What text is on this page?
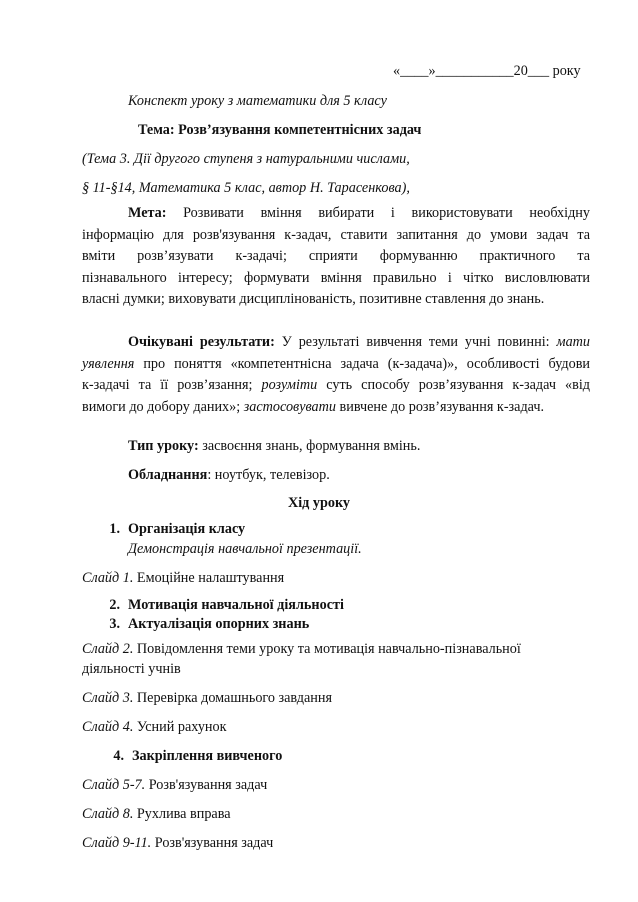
«____»___________20___ року
Конспект уроку з математики для 5 класу
Тема: Розв’язування компетентнісних задач
(Тема 3. Дії другого ступеня з натуральними числами,
§ 11-§14, Математика 5 клас, автор Н. Тарасенкова),
Мета: Розвивати вміння вибирати і використовувати необхідну
інформацію для розв'язування к-задач, ставити запитання до умови задач та
вміти розв’язувати к-задачі; сприяти формуванню практичного та
пізнавального інтересу; формувати вміння правильно і чітко висловлювати
власні думки; виховувати дисциплінованість, позитивне ставлення до знань.
Очікувані результати: У результаті вивчення теми учні повинні: мати
уявлення про поняття «компетентнісна задача (к-задача)», особливості будови
к-задачі та її розв’язання; розуміти суть способу розв’язування к-задач «від
вимоги до добору даних»; застосовувати вивчене до розв’язування к-задач.
Тип уроку: засвоєння знань, формування вмінь.
Обладнання: ноутбук, телевізор.
Хід уроку
1. Організація класу
Демонстрація навчальної презентації.
Слайд 1. Емоційне налаштування
2. Мотивація навчальної діяльності
3. Актуалізація опорних знань
Слайд 2. Повідомлення теми уроку та мотивація навчально-пізнавальної
діяльності учнів
Слайд 3. Перевірка домашнього завдання
Слайд 4. Усний рахунок
4. Закріплення вивченого
Слайд 5-7. Розв'язування задач
Слайд 8. Рухлива вправа
Слайд 9-11. Розв'язування задач
